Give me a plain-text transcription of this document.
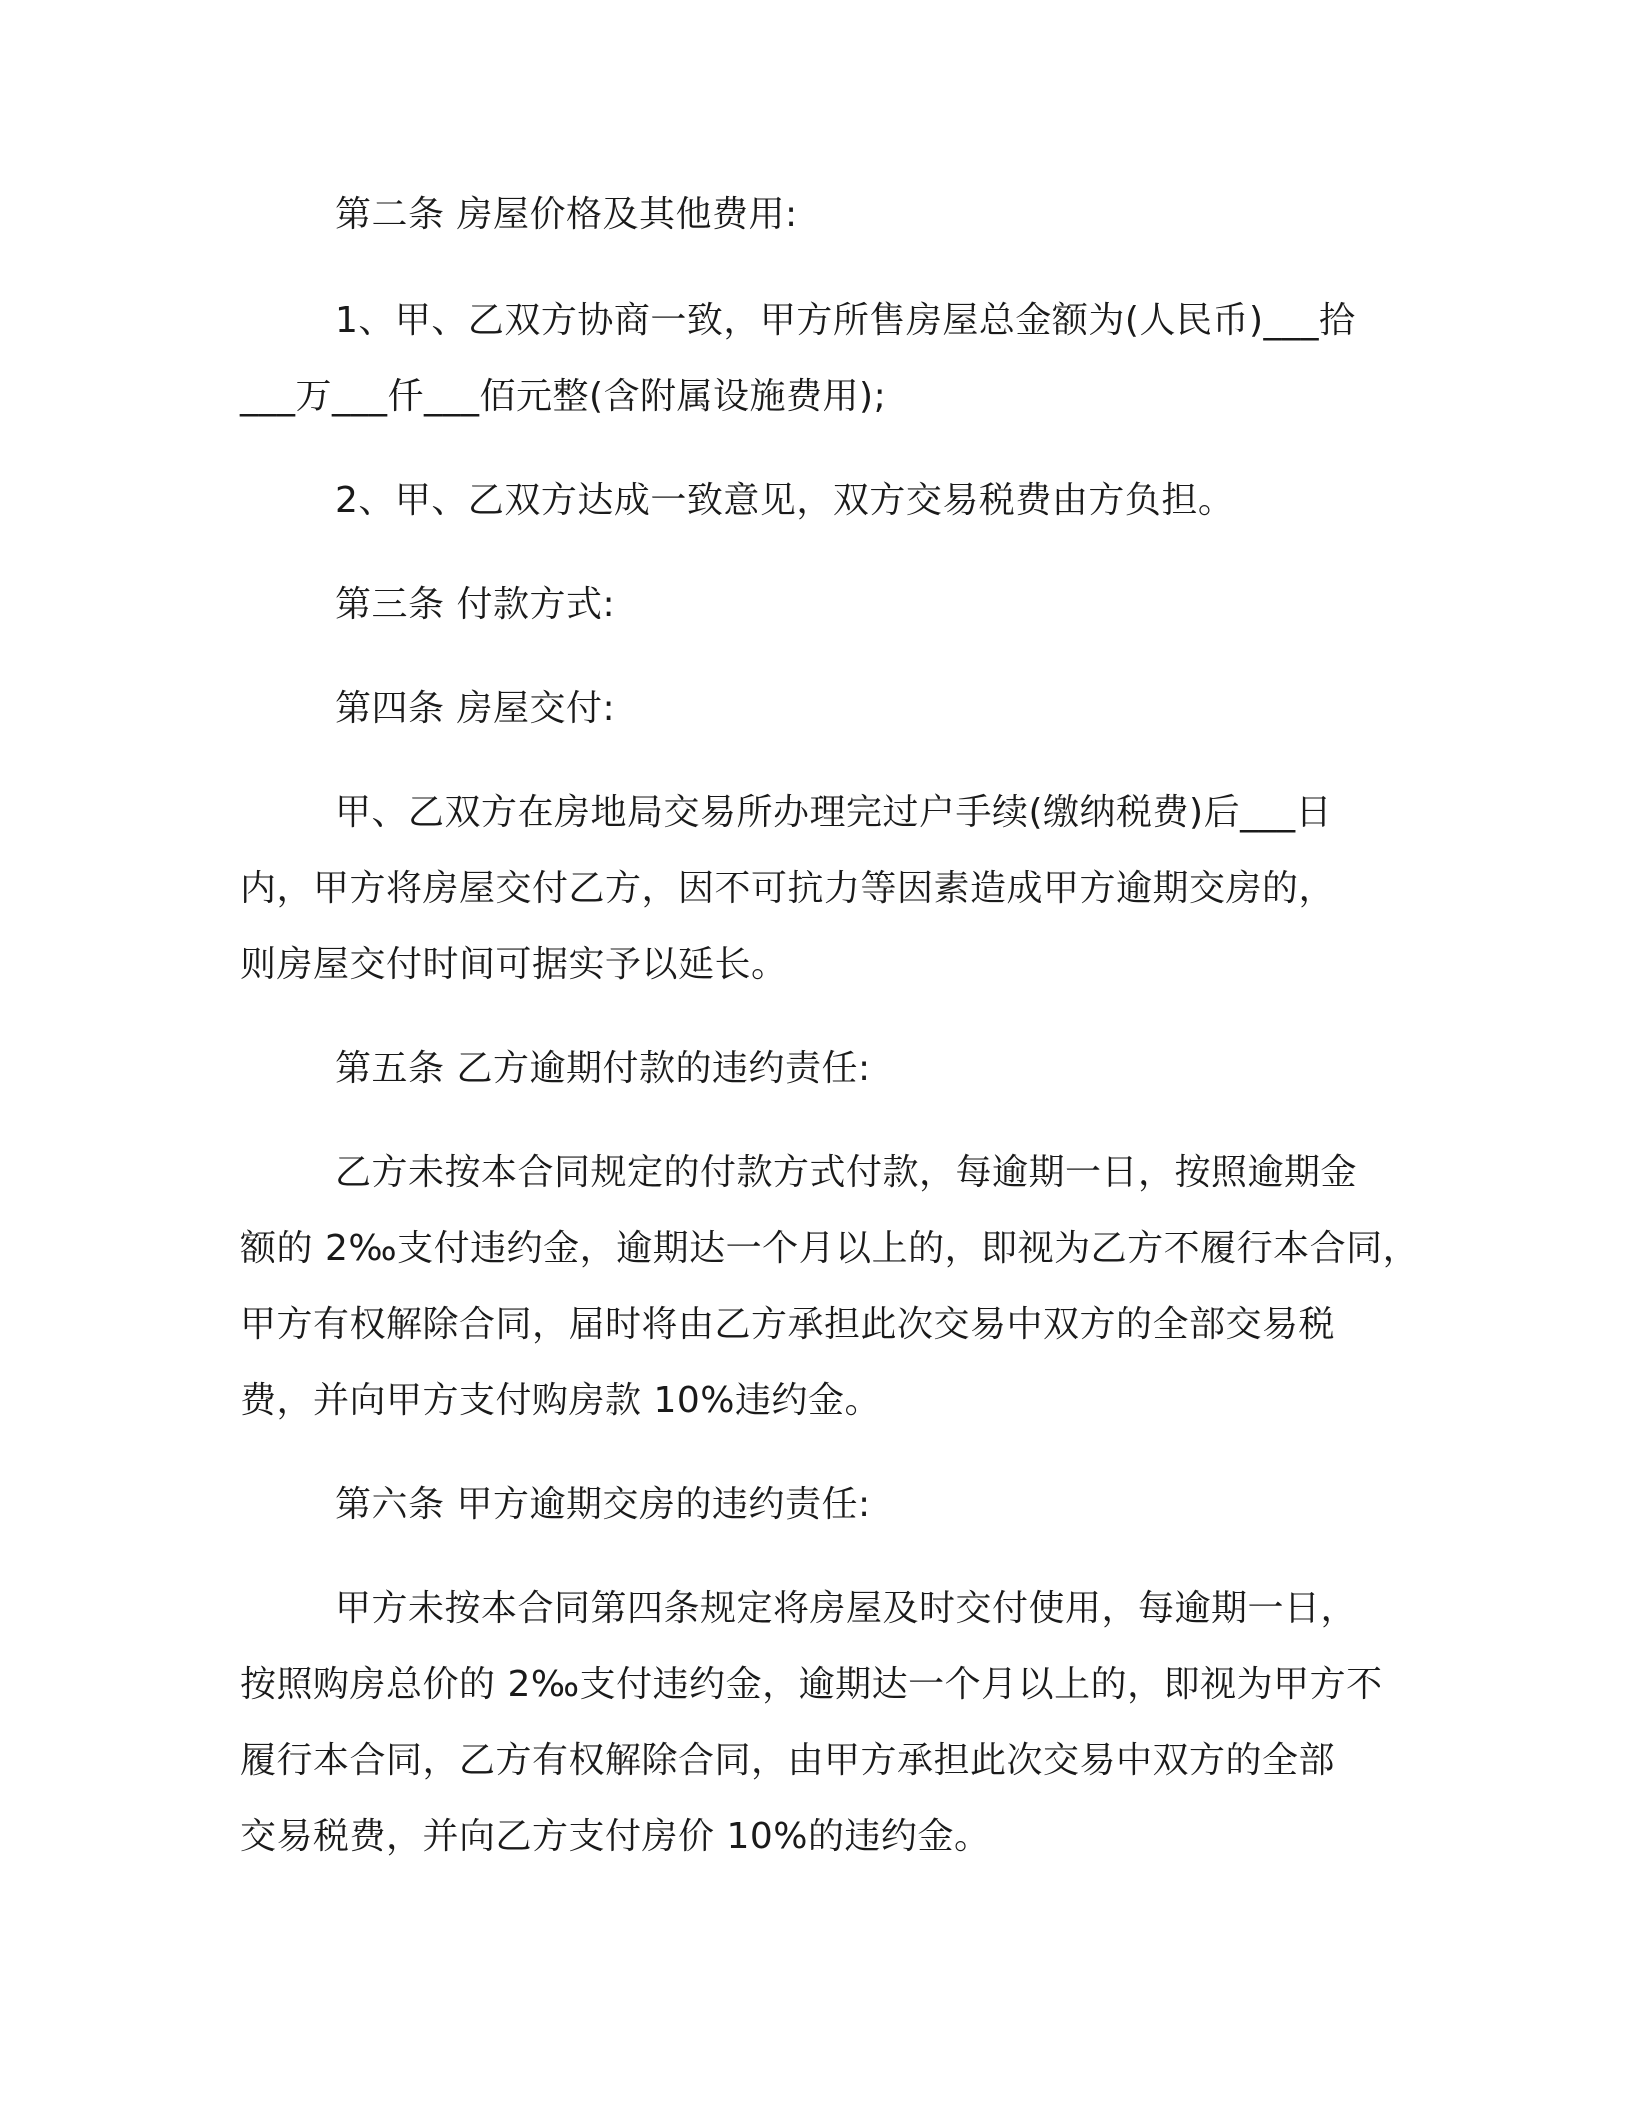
第二条 房屋价格及其他费用:

1、甲、乙双方协商一致，甲方所售房屋总金额为(人民币)___拾

___万___仟___佰元整(含附属设施费用);

2、甲、乙双方达成一致意见，双方交易税费由方负担。

第三条 付款方式:

第四条 房屋交付:

甲、乙双方在房地局交易所办理完过户手续(缴纳税费)后___日

内，甲方将房屋交付乙方，因不可抗力等因素造成甲方逾期交房的，

则房屋交付时间可据实予以延长。

第五条 乙方逾期付款的违约责任:

乙方未按本合同规定的付款方式付款，每逾期一日，按照逾期金

额的 2‰支付违约金，逾期达一个月以上的，即视为乙方不履行本合同，

甲方有权解除合同，届时将由乙方承担此次交易中双方的全部交易税

费，并向甲方支付购房款 10%违约金。

第六条 甲方逾期交房的违约责任:

甲方未按本合同第四条规定将房屋及时交付使用，每逾期一日，

按照购房总价的 2‰支付违约金，逾期达一个月以上的，即视为甲方不

履行本合同，乙方有权解除合同，由甲方承担此次交易中双方的全部

交易税费，并向乙方支付房价 10%的违约金。
